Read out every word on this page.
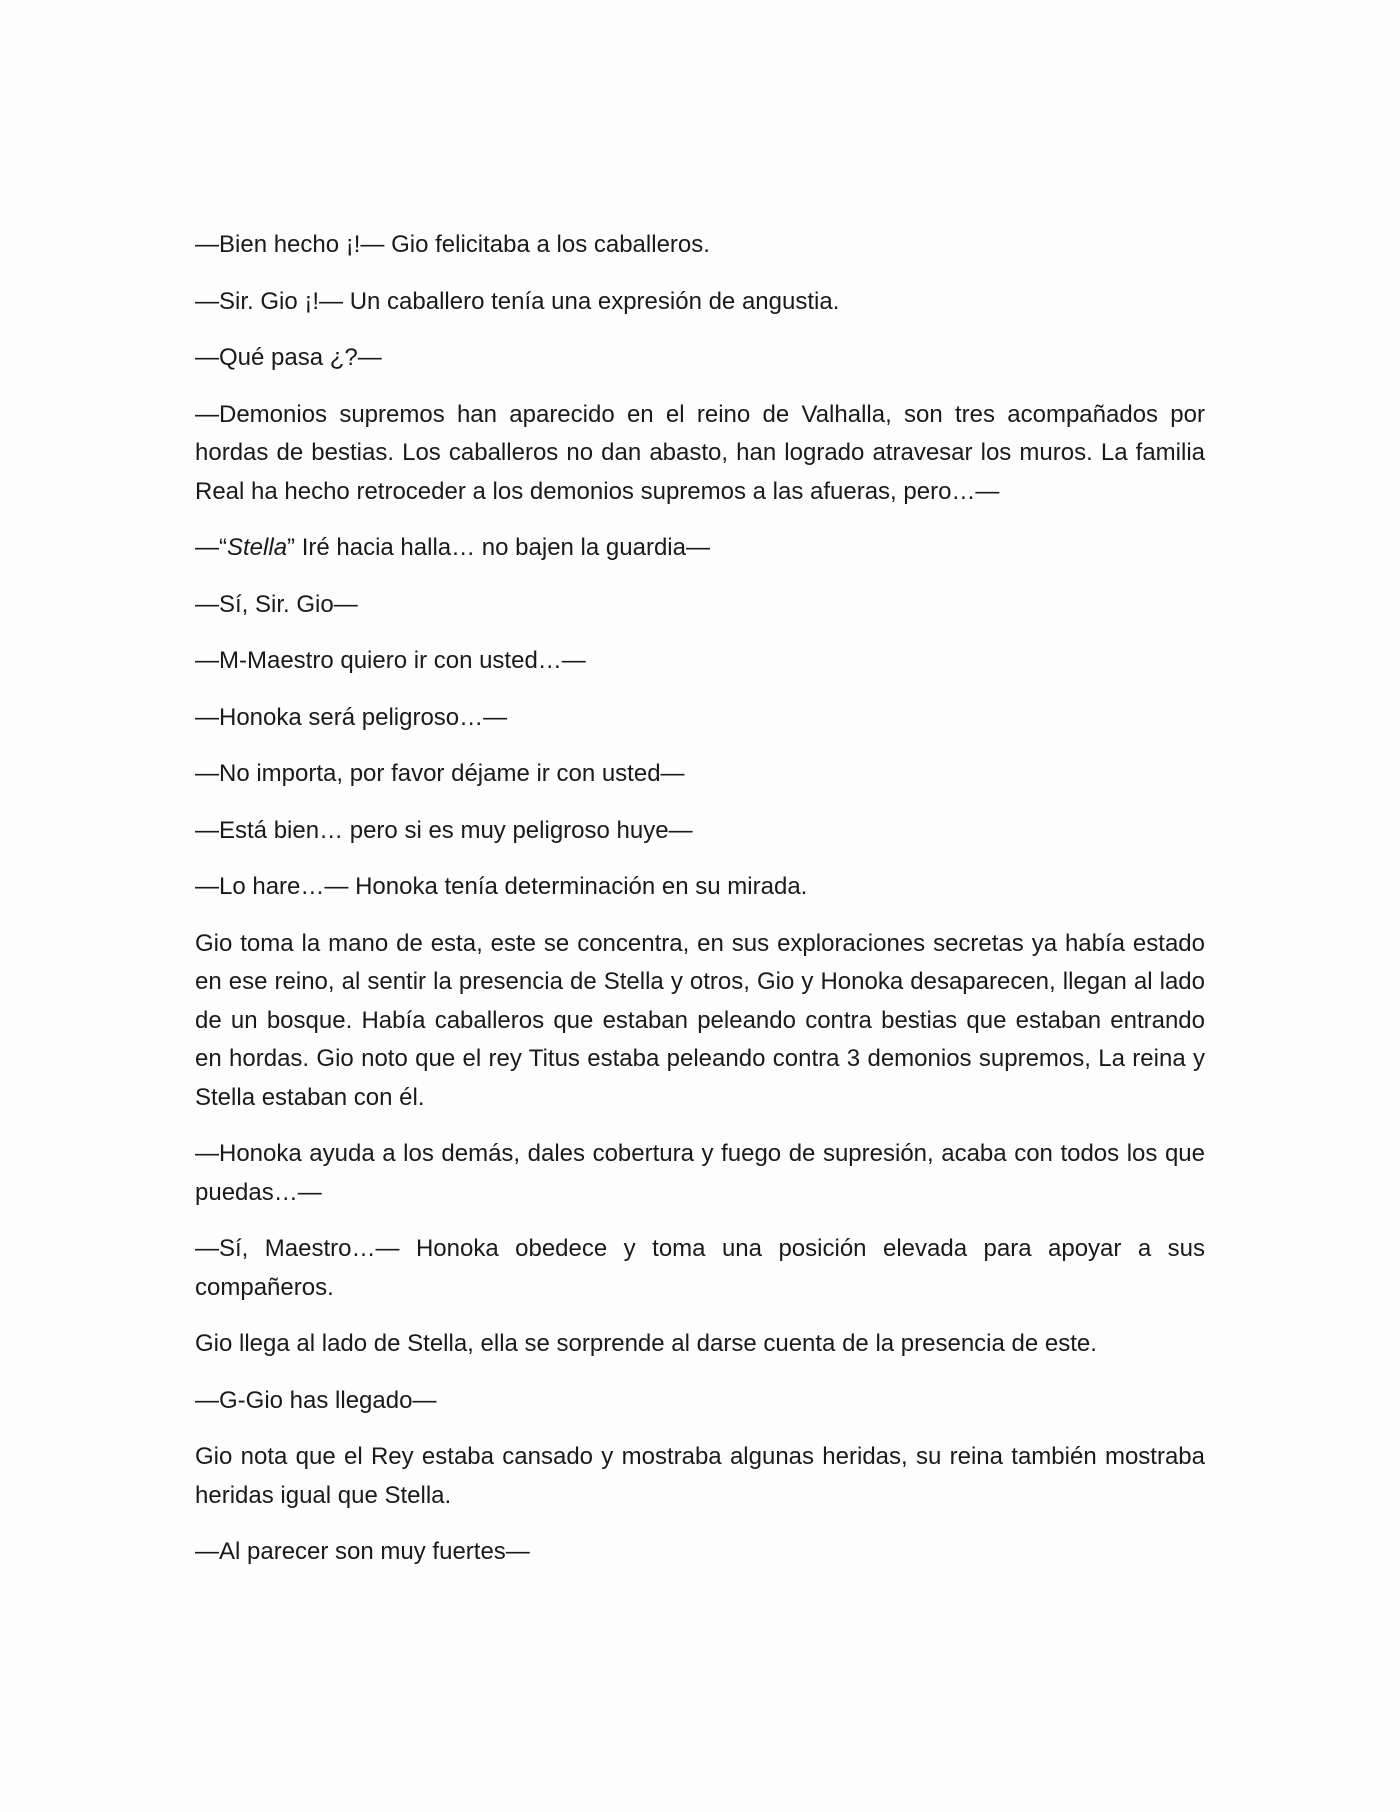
—Bien hecho ¡!— Gio felicitaba a los caballeros.

—Sir. Gio ¡!— Un caballero tenía una expresión de angustia.

—Qué pasa ¿?—

—Demonios supremos han aparecido en el reino de Valhalla, son tres acompañados por hordas de bestias. Los caballeros no dan abasto, han logrado atravesar los muros. La familia Real ha hecho retroceder a los demonios supremos a las afueras, pero…—

—“Stella” Iré hacia halla… no bajen la guardia—

—Sí, Sir. Gio—

—M-Maestro quiero ir con usted…—

—Honoka será peligroso…—

—No importa, por favor déjame ir con usted—

—Está bien… pero si es muy peligroso huye—

—Lo hare…— Honoka tenía determinación en su mirada.

Gio toma la mano de esta, este se concentra, en sus exploraciones secretas ya había estado en ese reino, al sentir la presencia de Stella y otros, Gio y Honoka desaparecen, llegan al lado de un bosque. Había caballeros que estaban peleando contra bestias que estaban entrando en hordas. Gio noto que el rey Titus estaba peleando contra 3 demonios supremos, La reina y Stella estaban con él.

—Honoka ayuda a los demás, dales cobertura y fuego de supresión, acaba con todos los que puedas…—

—Sí, Maestro…— Honoka obedece y toma una posición elevada para apoyar a sus compañeros.

Gio llega al lado de Stella, ella se sorprende al darse cuenta de la presencia de este.

—G-Gio has llegado—

Gio nota que el Rey estaba cansado y mostraba algunas heridas, su reina también mostraba heridas igual que Stella.

—Al parecer son muy fuertes—
